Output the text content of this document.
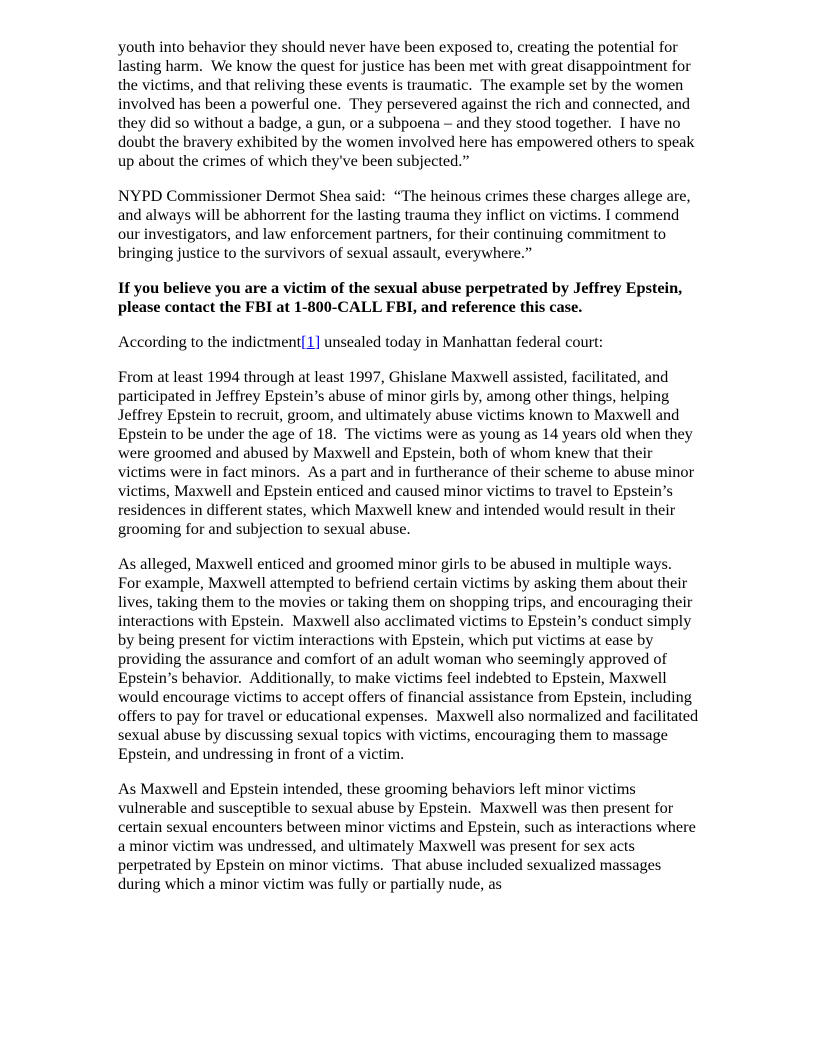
youth into behavior they should never have been exposed to, creating the potential for lasting harm.  We know the quest for justice has been met with great disappointment for the victims, and that reliving these events is traumatic.  The example set by the women involved has been a powerful one.  They persevered against the rich and connected, and they did so without a badge, a gun, or a subpoena – and they stood together.  I have no doubt the bravery exhibited by the women involved here has empowered others to speak up about the crimes of which they've been subjected.”

NYPD Commissioner Dermot Shea said:  “The heinous crimes these charges allege are, and always will be abhorrent for the lasting trauma they inflict on victims. I commend our investigators, and law enforcement partners, for their continuing commitment to bringing justice to the survivors of sexual assault, everywhere.”

If you believe you are a victim of the sexual abuse perpetrated by Jeffrey Epstein, please contact the FBI at 1-800-CALL FBI, and reference this case.

According to the indictment[1] unsealed today in Manhattan federal court:

From at least 1994 through at least 1997, Ghislane Maxwell assisted, facilitated, and participated in Jeffrey Epstein’s abuse of minor girls by, among other things, helping Jeffrey Epstein to recruit, groom, and ultimately abuse victims known to Maxwell and Epstein to be under the age of 18.  The victims were as young as 14 years old when they were groomed and abused by Maxwell and Epstein, both of whom knew that their victims were in fact minors.  As a part and in furtherance of their scheme to abuse minor victims, Maxwell and Epstein enticed and caused minor victims to travel to Epstein’s residences in different states, which Maxwell knew and intended would result in their grooming for and subjection to sexual abuse.

As alleged, Maxwell enticed and groomed minor girls to be abused in multiple ways.  For example, Maxwell attempted to befriend certain victims by asking them about their lives, taking them to the movies or taking them on shopping trips, and encouraging their interactions with Epstein.  Maxwell also acclimated victims to Epstein’s conduct simply by being present for victim interactions with Epstein, which put victims at ease by providing the assurance and comfort of an adult woman who seemingly approved of Epstein’s behavior.  Additionally, to make victims feel indebted to Epstein, Maxwell would encourage victims to accept offers of financial assistance from Epstein, including offers to pay for travel or educational expenses.  Maxwell also normalized and facilitated sexual abuse by discussing sexual topics with victims, encouraging them to massage Epstein, and undressing in front of a victim.

As Maxwell and Epstein intended, these grooming behaviors left minor victims vulnerable and susceptible to sexual abuse by Epstein.  Maxwell was then present for certain sexual encounters between minor victims and Epstein, such as interactions where a minor victim was undressed, and ultimately Maxwell was present for sex acts perpetrated by Epstein on minor victims.  That abuse included sexualized massages during which a minor victim was fully or partially nude, as
